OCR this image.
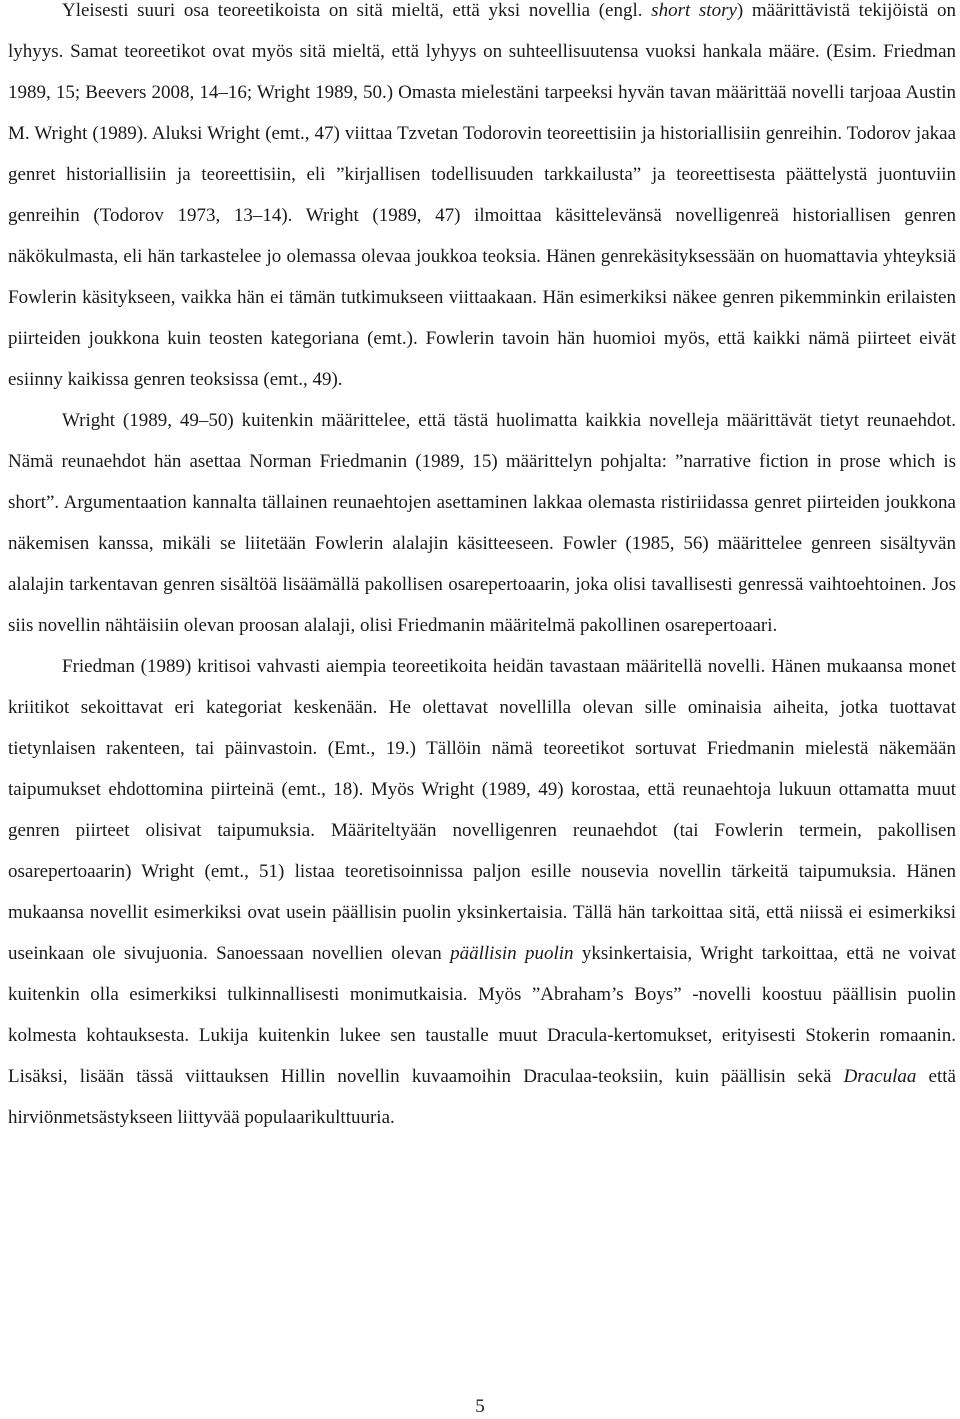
Yleisesti suuri osa teoreetikoista on sitä mieltä, että yksi novellia (engl. short story) määrittävistä tekijöistä on lyhyys. Samat teoreetikot ovat myös sitä mieltä, että lyhyys on suhteellisuutensa vuoksi hankala määre. (Esim. Friedman 1989, 15; Beevers 2008, 14–16; Wright 1989, 50.) Omasta mielestäni tarpeeksi hyvän tavan määrittää novelli tarjoaa Austin M. Wright (1989). Aluksi Wright (emt., 47) viittaa Tzvetan Todorovin teoreettisiin ja historiallisiin genreihin. Todorov jakaa genret historiallisiin ja teoreettisiin, eli ”kirjallisen todellisuuden tarkkailusta” ja teoreettisesta päättelystä juontuviin genreihin (Todorov 1973, 13–14). Wright (1989, 47) ilmoittaa käsittelevänsä novelligenreä historiallisen genren näkökulmasta, eli hän tarkastelee jo olemassa olevaa joukkoa teoksia. Hänen genrekäsityksessään on huomattavia yhteyksiä Fowlerin käsitykseen, vaikka hän ei tämän tutkimukseen viittaakaan. Hän esimerkiksi näkee genren pikemminkin erilaisten piirteiden joukkona kuin teosten kategoriana (emt.). Fowlerin tavoin hän huomioi myös, että kaikki nämä piirteet eivät esiinny kaikissa genren teoksissa (emt., 49).

Wright (1989, 49–50) kuitenkin määrittelee, että tästä huolimatta kaikkia novelleja määrittävät tietyt reunaehdot. Nämä reunaehdot hän asettaa Norman Friedmanin (1989, 15) määrittelyn pohjalta: ”narrative fiction in prose which is short”. Argumentaation kannalta tällainen reunaehtojen asettaminen lakkaa olemasta ristiriidassa genret piirteiden joukkona näkemisen kanssa, mikäli se liitetään Fowlerin alalajin käsitteeseen. Fowler (1985, 56) määrittelee genreen sisältyvän alalajin tarkentavan genren sisältöä lisäämällä pakollisen osarepertoaarin, joka olisi tavallisesti genressä vaihtoehtoinen. Jos siis novellin nähtäisiin olevan proosan alalaji, olisi Friedmanin määritelmä pakollinen osarepertoaari.

Friedman (1989) kritisoi vahvasti aiempia teoreetikoita heidän tavastaan määritellä novelli. Hänen mukaansa monet kriitikot sekoittavat eri kategoriat keskenään. He olettavat novellilla olevan sille ominaisia aiheita, jotka tuottavat tietynlaisen rakenteen, tai päinvastoin. (Emt., 19.) Tällöin nämä teoreetikot sortuvat Friedmanin mielestä näkemään taipumukset ehdottomina piirteinä (emt., 18). Myös Wright (1989, 49) korostaa, että reunaehtoja lukuun ottamatta muut genren piirteet olisivat taipumuksia. Määriteltyään novelligenren reunaehdot (tai Fowlerin termein, pakollisen osarepertoaarin) Wright (emt., 51) listaa teoretisoinnissa paljon esille nousevia novellin tärkeitä taipumuksia. Hänen mukaansa novellit esimerkiksi ovat usein päällisin puolin yksinkertaisia. Tällä hän tarkoittaa sitä, että niissä ei esimerkiksi useinkaan ole sivujuonia. Sanoessaan novellien olevan päällisin puolin yksinkertaisia, Wright tarkoittaa, että ne voivat kuitenkin olla esimerkiksi tulkinnallisesti monimutkaisia. Myös ”Abraham’s Boys” -novelli koostuu päällisin puolin kolmesta kohtauksesta. Lukija kuitenkin lukee sen taustalle muut Dracula-kertomukset, erityisesti Stokerin romaanin. Lisäksi, lisään tässä viittauksen Hillin novellin kuvaamoihin Draculaa-teoksiin, kuin päällisin sekä Draculaa että hirviönmetsästykseen liittyvää populaarikulttuuria.

5
